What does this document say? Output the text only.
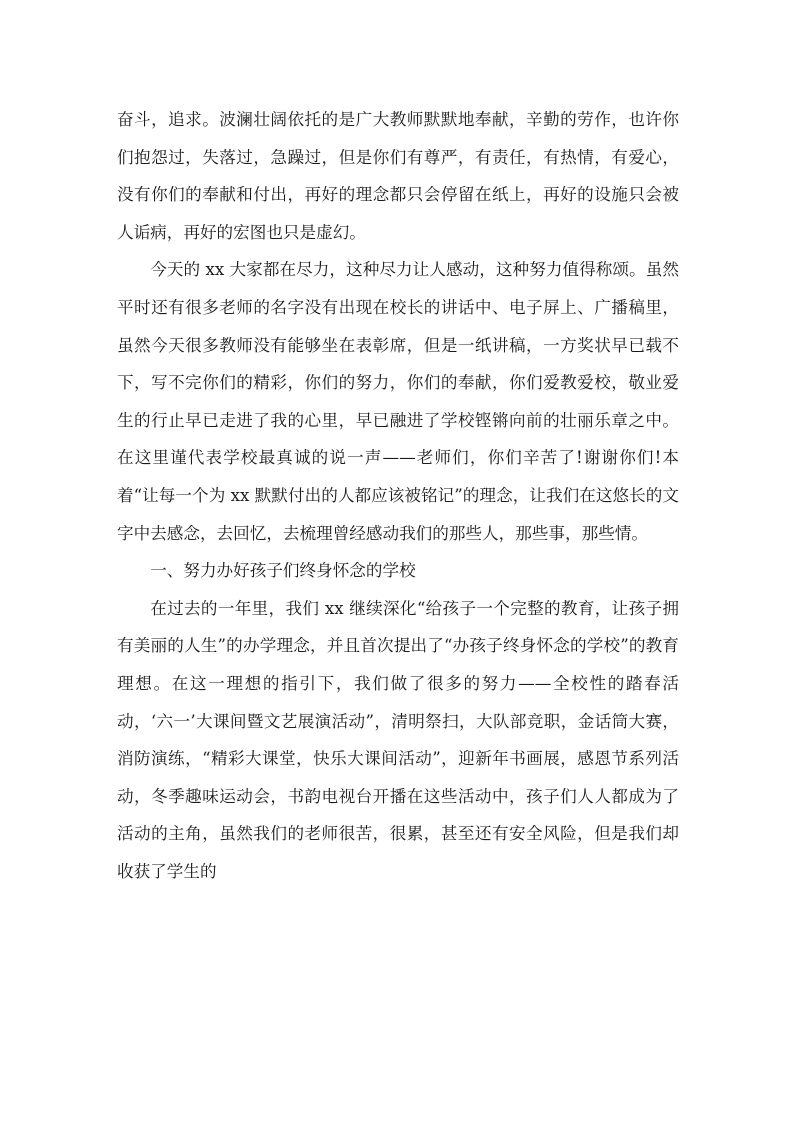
奋斗，追求。波澜壮阔依托的是广大教师默默地奉献，辛勤的劳作，也许你们抱怨过，失落过，急躁过，但是你们有尊严，有责任，有热情，有爱心，没有你们的奉献和付出，再好的理念都只会停留在纸上，再好的设施只会被人诟病，再好的宏图也只是虚幻。

今天的 xx 大家都在尽力，这种尽力让人感动，这种努力值得称颂。虽然平时还有很多老师的名字没有出现在校长的讲话中、电子屏上、广播稿里，虽然今天很多教师没有能够坐在表彰席，但是一纸讲稿，一方奖状早已载不下，写不完你们的精彩，你们的努力，你们的奉献，你们爱教爱校，敬业爱生的行止早已走进了我的心里，早已融进了学校铿锵向前的壮丽乐章之中。在这里谨代表学校最真诚的说一声——老师们，你们辛苦了!谢谢你们!本着“让每一个为 xx 默默付出的人都应该被铭记”的理念，让我们在这悠长的文字中去感念，去回忆，去梳理曾经感动我们的那些人，那些事，那些情。

一、努力办好孩子们终身怀念的学校

在过去的一年里，我们 xx 继续深化“给孩子一个完整的教育，让孩子拥有美丽的人生”的办学理念，并且首次提出了“办孩子终身怀念的学校”的教育理想。在这一理想的指引下，我们做了很多的努力——全校性的踏春活动，‘六一’大课间暨文艺展演活动”，清明祭扫，大队部竞职，金话筒大赛，消防演练，“精彩大课堂，快乐大课间活动”，迎新年书画展，感恩节系列活动，冬季趣味运动会，书韵电视台开播在这些活动中，孩子们人人都成为了活动的主角，虽然我们的老师很苦，很累，甚至还有安全风险，但是我们却收获了学生的
